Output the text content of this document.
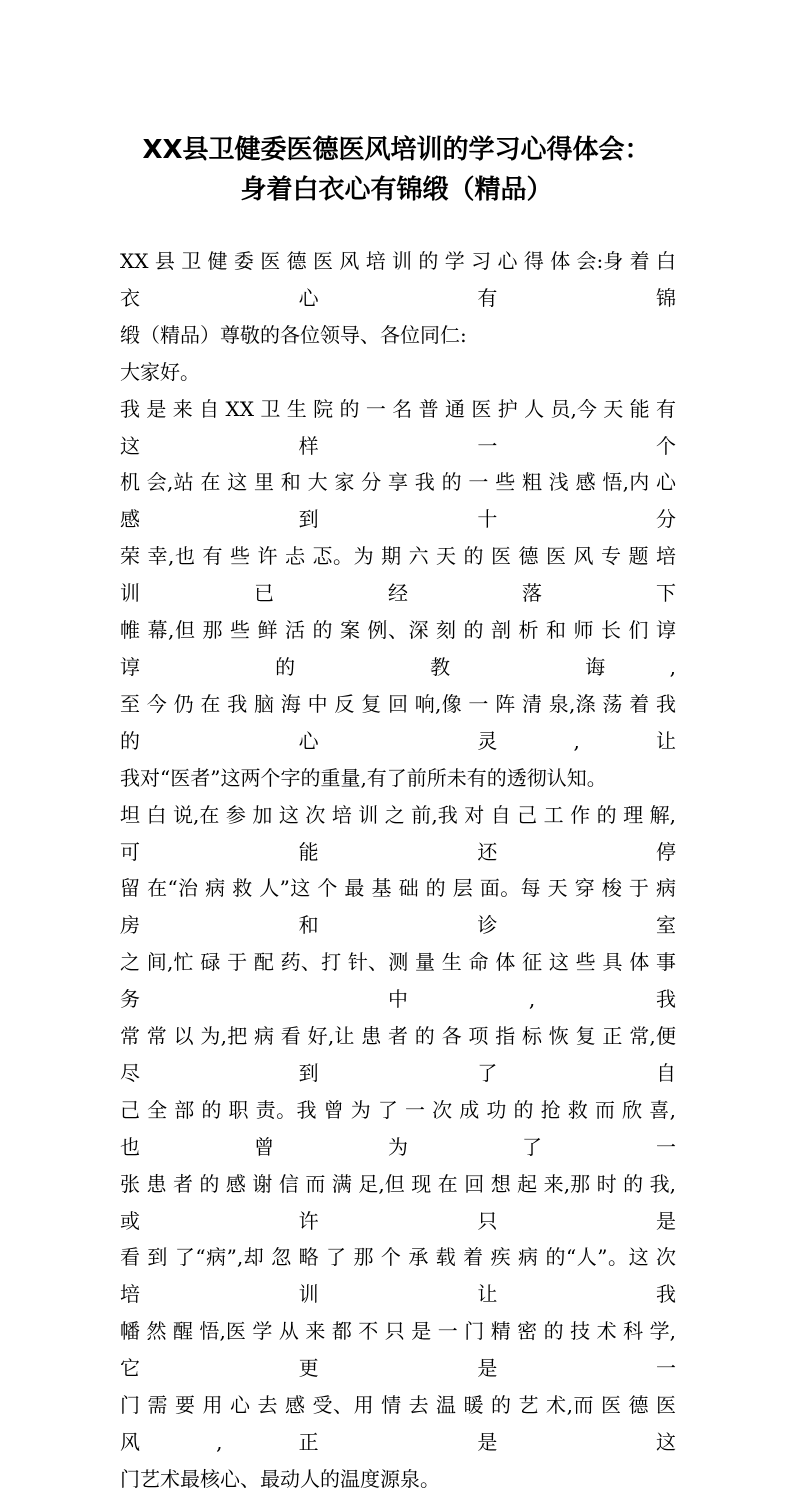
XX县卫健委医德医风培训的学习心得体会：
身着白衣心有锦缎（精品）
XX 县 卫 健 委 医 德 医 风 培 训 的 学 习 心 得 体 会:身 着 白 衣 心 有 锦
缎（精品）尊敬的各位领导、各位同仁:
大家好。
我 是 来 自 XX 卫 生 院 的 一 名 普 通 医 护 人 员,今 天 能 有 这 样 一 个
机 会,站 在 这 里 和 大 家 分 享 我 的 一 些 粗 浅 感 悟,内 心 感 到 十 分
荣 幸,也 有 些 许 忐 忑。为 期 六 天 的 医 德 医 风 专 题 培 训 已 经 落 下
帷 幕,但 那 些 鲜 活 的 案 例、深 刻 的 剖 析 和 师 长 们 谆 谆 的 教 诲,
至 今 仍 在 我 脑 海 中 反 复 回 响,像 一 阵 清 泉,涤 荡 着 我 的 心 灵,让
我对“医者”这两个字的重量,有了前所未有的透彻认知。
坦 白 说,在 参 加 这 次 培 训 之 前,我 对 自 己 工 作 的 理 解,可 能 还 停
留 在“治 病 救 人”这 个 最 基 础 的 层 面。每 天 穿 梭 于 病 房 和 诊 室
之 间,忙 碌 于 配 药、打 针、测 量 生 命 体 征 这 些 具 体 事 务 中,我
常 常 以 为,把 病 看 好,让 患 者 的 各 项 指 标 恢 复 正 常,便 尽 到 了 自
己 全 部 的 职 责。我 曾 为 了 一 次 成 功 的 抢 救 而 欣 喜,也 曾 为 了 一
张 患 者 的 感 谢 信 而 满 足,但 现 在 回 想 起 来,那 时 的 我,或 许 只 是
看 到 了“病”,却 忽 略 了 那 个 承 载 着 疾 病 的“人”。这 次 培 训 让 我
幡 然 醒 悟,医 学 从 来 都 不 只 是 一 门 精 密 的 技 术 科 学,它 更 是 一
门 需 要 用 心 去 感 受、用 情 去 温 暖 的 艺 术,而 医 德 医 风,正 是 这
门艺术最核心、最动人的温度源泉。
